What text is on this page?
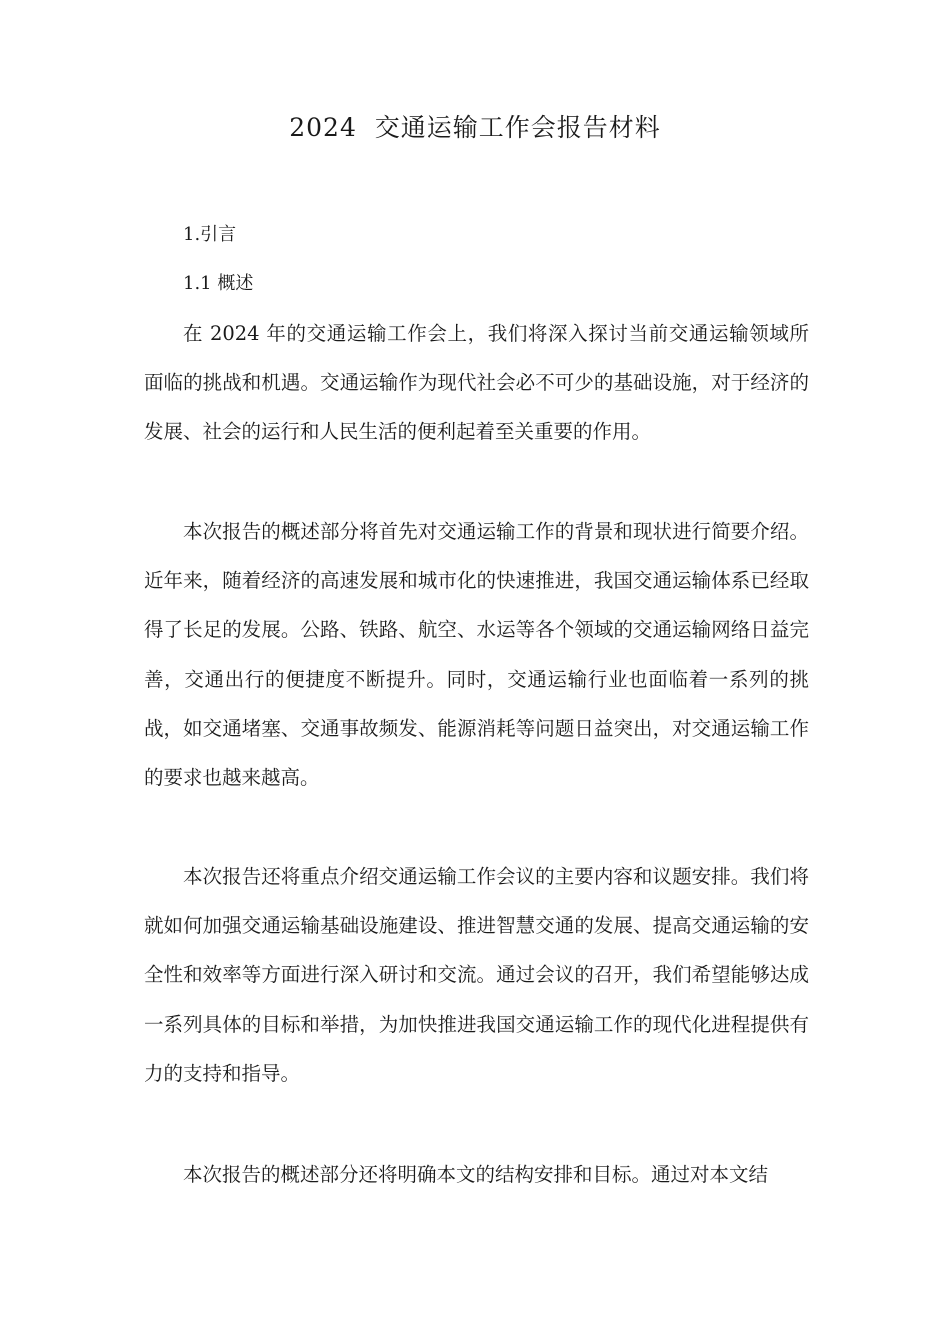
2024  交通运输工作会报告材料
1.引言
1.1 概述

在 2024 年的交通运输工作会上，我们将深入探讨当前交通运输领域所面临的挑战和机遇。交通运输作为现代社会必不可少的基础设施，对于经济的发展、社会的运行和人民生活的便利起着至关重要的作用。

本次报告的概述部分将首先对交通运输工作的背景和现状进行简要介绍。近年来，随着经济的高速发展和城市化的快速推进，我国交通运输体系已经取得了长足的发展。公路、铁路、航空、水运等各个领域的交通运输网络日益完善，交通出行的便捷度不断提升。同时，交通运输行业也面临着一系列的挑战，如交通堵塞、交通事故频发、能源消耗等问题日益突出，对交通运输工作的要求也越来越高。

本次报告还将重点介绍交通运输工作会议的主要内容和议题安排。我们将就如何加强交通运输基础设施建设、推进智慧交通的发展、提高交通运输的安全性和效率等方面进行深入研讨和交流。通过会议的召开，我们希望能够达成一系列具体的目标和举措，为加快推进我国交通运输工作的现代化进程提供有力的支持和指导。

本次报告的概述部分还将明确本文的结构安排和目标。通过对本文结
